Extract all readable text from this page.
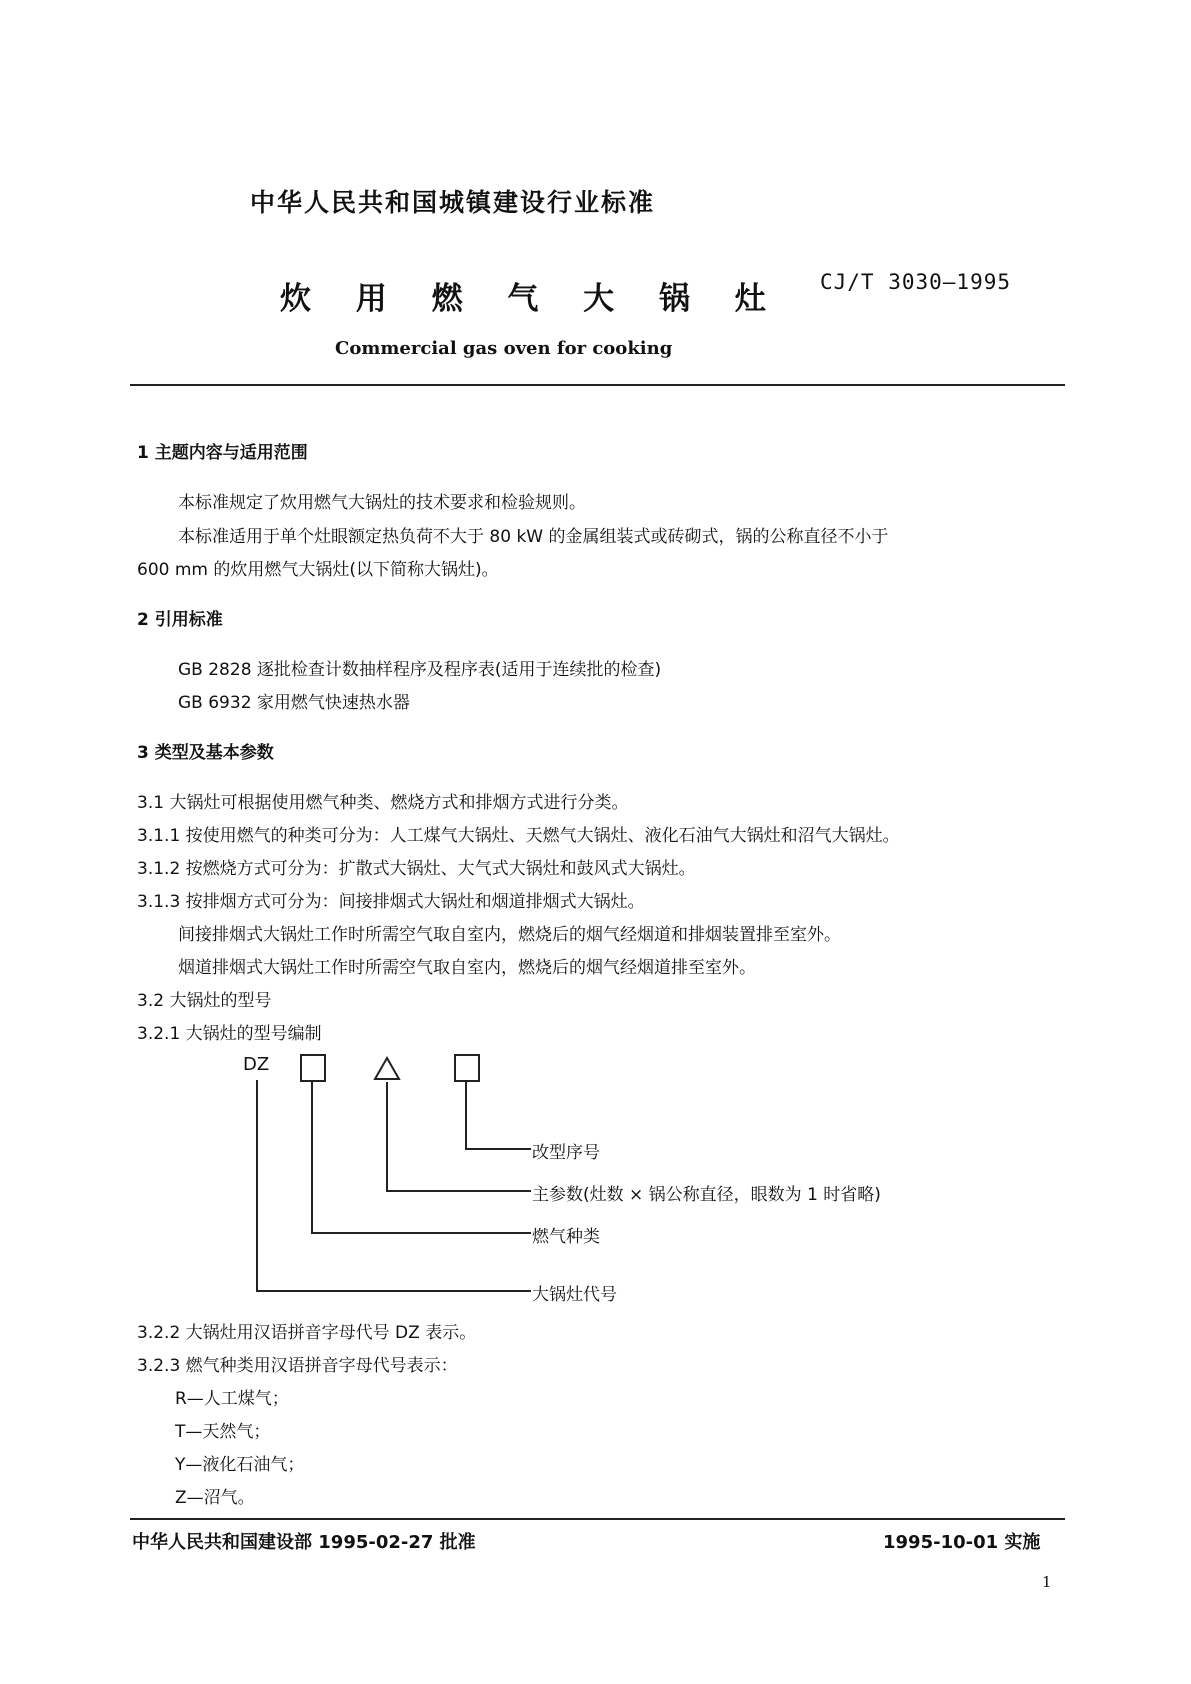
中华人民共和国城镇建设行业标准
炊 用 燃 气 大 锅 灶 CJ/T 3030—1995
Commercial gas oven for cooking
1 主题内容与适用范围
本标准规定了炊用燃气大锅灶的技术要求和检验规则。
本标准适用于单个灶眼额定热负荷不大于 80 kW 的金属组装式或砖砌式，锅的公称直径不小于
600 mm 的炊用燃气大锅灶(以下简称大锅灶)。
2 引用标准
GB 2828 逐批检查计数抽样程序及程序表(适用于连续批的检查)
GB 6932 家用燃气快速热水器
3 类型及基本参数
3.1 大锅灶可根据使用燃气种类、燃烧方式和排烟方式进行分类。
3.1.1 按使用燃气的种类可分为：人工煤气大锅灶、天燃气大锅灶、液化石油气大锅灶和沼气大锅灶。
3.1.2 按燃烧方式可分为：扩散式大锅灶、大气式大锅灶和鼓风式大锅灶。
3.1.3 按排烟方式可分为：间接排烟式大锅灶和烟道排烟式大锅灶。
间接排烟式大锅灶工作时所需空气取自室内，燃烧后的烟气经烟道和排烟装置排至室外。
烟道排烟式大锅灶工作时所需空气取自室内，燃烧后的烟气经烟道排至室外。
3.2 大锅灶的型号
3.2.1 大锅灶的型号编制
DZ
改型序号
主参数(灶数 × 锅公称直径，眼数为 1 时省略)
燃气种类
大锅灶代号
3.2.2 大锅灶用汉语拼音字母代号 DZ 表示。
3.2.3 燃气种类用汉语拼音字母代号表示：
R—人工煤气；
T—天然气；
Y—液化石油气；
Z—沼气。
中华人民共和国建设部 1995-02-27 批准	1995-10-01 实施
1
